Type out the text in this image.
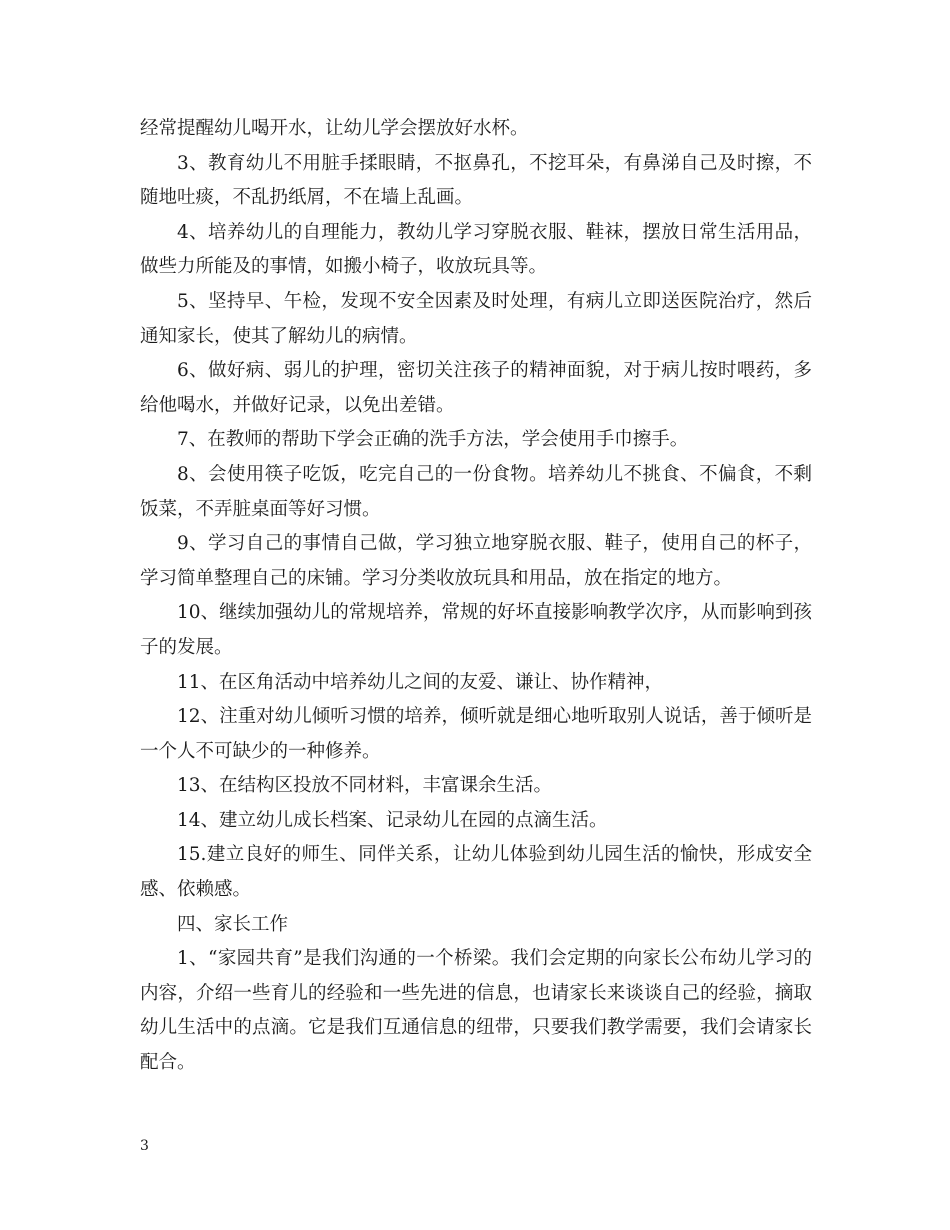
经常提醒幼儿喝开水，让幼儿学会摆放好水杯。

3、教育幼儿不用脏手揉眼睛，不抠鼻孔，不挖耳朵，有鼻涕自己及时擦，不随地吐痰，不乱扔纸屑，不在墙上乱画。

4、培养幼儿的自理能力，教幼儿学习穿脱衣服、鞋袜，摆放日常生活用品，做些力所能及的事情，如搬小椅子，收放玩具等。

5、坚持早、午检，发现不安全因素及时处理，有病儿立即送医院治疗，然后通知家长，使其了解幼儿的病情。

6、做好病、弱儿的护理，密切关注孩子的精神面貌，对于病儿按时喂药，多给他喝水，并做好记录，以免出差错。

7、在教师的帮助下学会正确的洗手方法，学会使用手巾擦手。

8、会使用筷子吃饭，吃完自己的一份食物。培养幼儿不挑食、不偏食，不剩饭菜，不弄脏桌面等好习惯。

9、学习自己的事情自己做，学习独立地穿脱衣服、鞋子，使用自己的杯子，学习简单整理自己的床铺。学习分类收放玩具和用品，放在指定的地方。

10、继续加强幼儿的常规培养，常规的好坏直接影响教学次序，从而影响到孩子的发展。

11、在区角活动中培养幼儿之间的友爱、谦让、协作精神，

12、注重对幼儿倾听习惯的培养，倾听就是细心地听取别人说话，善于倾听是一个人不可缺少的一种修养。

13、在结构区投放不同材料，丰富课余生活。

14、建立幼儿成长档案、记录幼儿在园的点滴生活。

15.建立良好的师生、同伴关系，让幼儿体验到幼儿园生活的愉快，形成安全感、依赖感。

四、家长工作

1、“家园共育”是我们沟通的一个桥梁。我们会定期的向家长公布幼儿学习的内容，介绍一些育儿的经验和一些先进的信息，也请家长来谈谈自己的经验，摘取幼儿生活中的点滴。它是我们互通信息的纽带，只要我们教学需要，我们会请家长配合。

3
